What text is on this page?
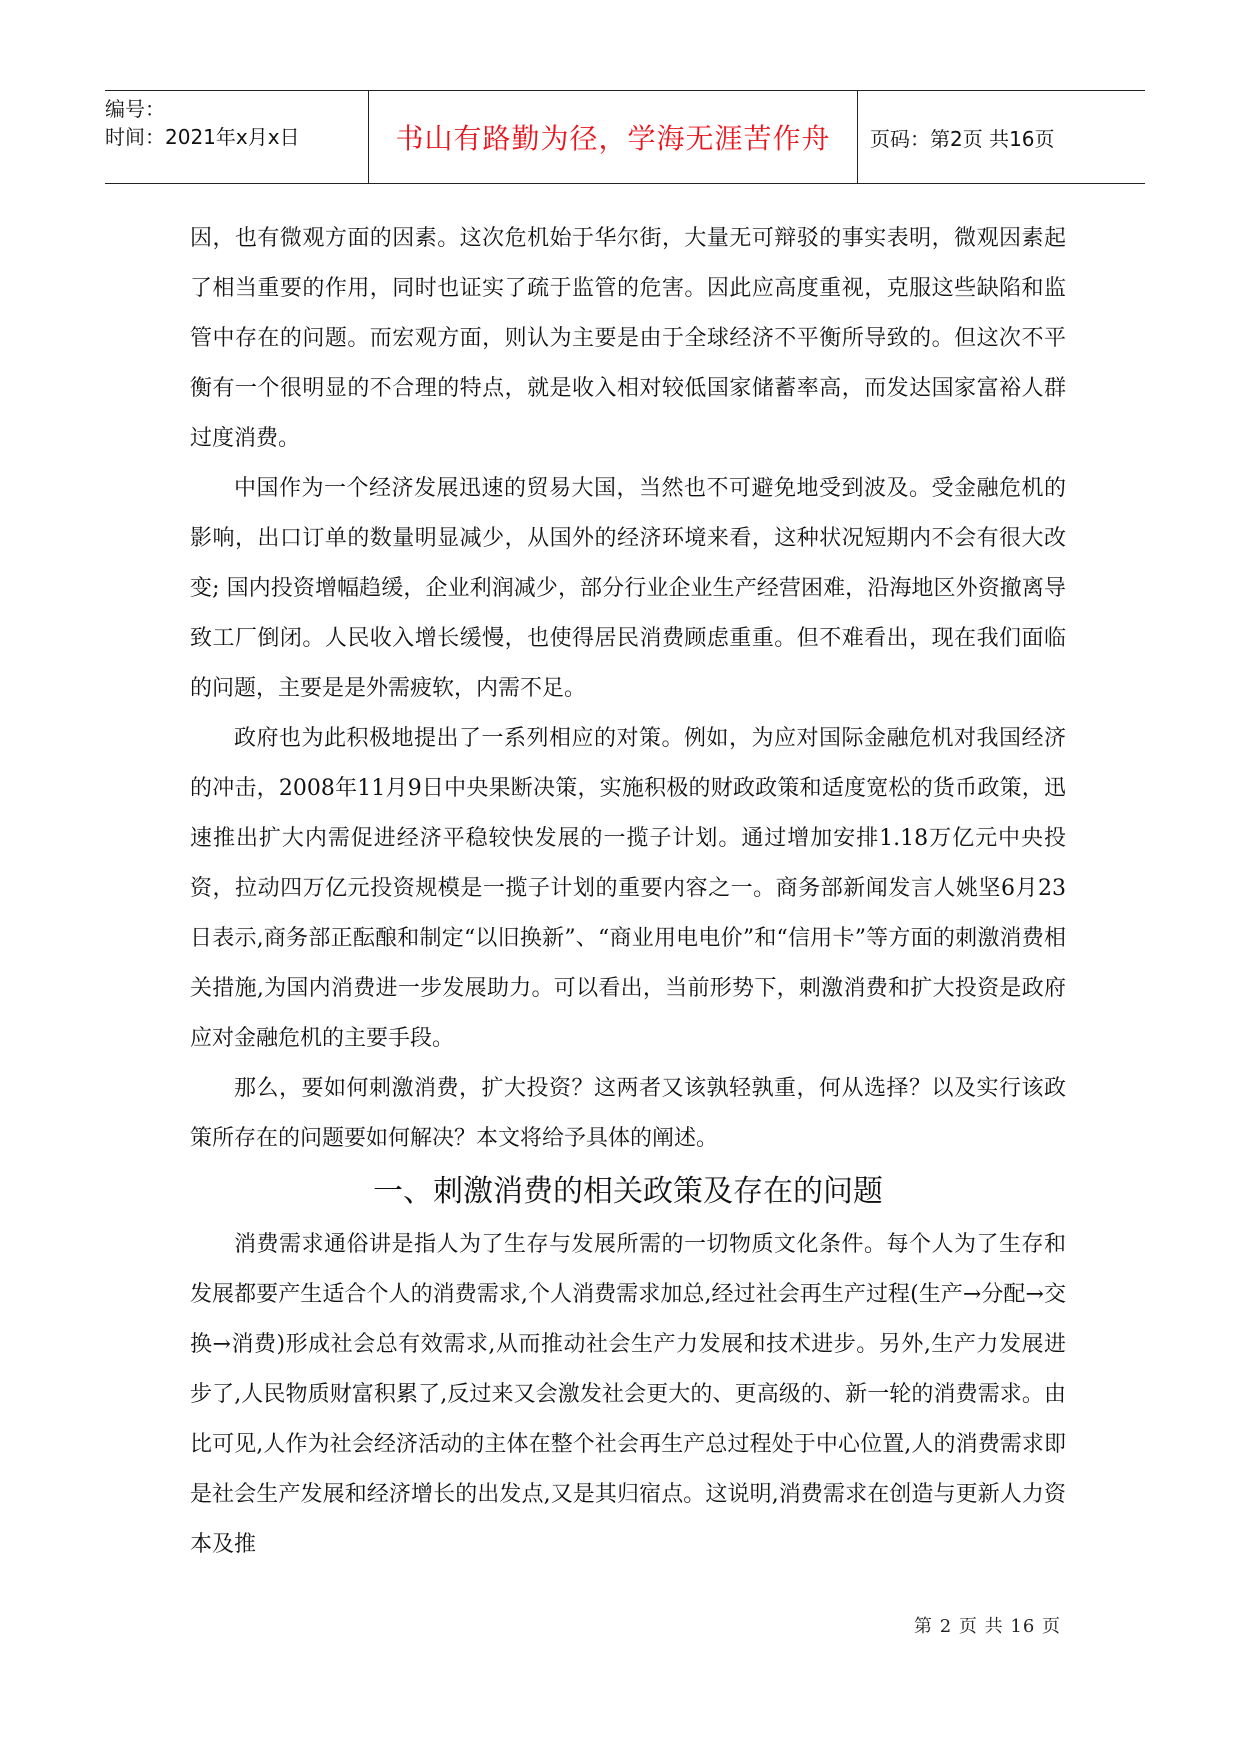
编号：
时间：2021年x月x日	书山有路勤为径，学海无涯苦作舟	页码：第2页 共16页

因，也有微观方面的因素。这次危机始于华尔街，大量无可辩驳的事实表明，微观因素起了相当重要的作用，同时也证实了疏于监管的危害。因此应高度重视，克服这些缺陷和监管中存在的问题。而宏观方面，则认为主要是由于全球经济不平衡所导致的。但这次不平衡有一个很明显的不合理的特点，就是收入相对较低国家储蓄率高，而发达国家富裕人群过度消费。

中国作为一个经济发展迅速的贸易大国，当然也不可避免地受到波及。受金融危机的影响，出口订单的数量明显减少，从国外的经济环境来看，这种状况短期内不会有很大改变; 国内投资增幅趋缓，企业利润减少，部分行业企业生产经营困难，沿海地区外资撤离导致工厂倒闭。人民收入增长缓慢，也使得居民消费顾虑重重。但不难看出，现在我们面临的问题，主要是是外需疲软，内需不足。

政府也为此积极地提出了一系列相应的对策。例如，为应对国际金融危机对我国经济的冲击，2008年11月9日中央果断决策，实施积极的财政政策和适度宽松的货币政策，迅速推出扩大内需促进经济平稳较快发展的一揽子计划。通过增加安排1.18万亿元中央投资，拉动四万亿元投资规模是一揽子计划的重要内容之一。商务部新闻发言人姚坚6月23日表示,商务部正酝酿和制定“以旧换新”、“商业用电电价”和“信用卡”等方面的刺激消费相关措施,为国内消费进一步发展助力。可以看出，当前形势下，刺激消费和扩大投资是政府应对金融危机的主要手段。

那么，要如何刺激消费，扩大投资？这两者又该孰轻孰重，何从选择？以及实行该政策所存在的问题要如何解决？本文将给予具体的阐述。

一、刺激消费的相关政策及存在的问题

消费需求通俗讲是指人为了生存与发展所需的一切物质文化条件。每个人为了生存和发展都要产生适合个人的消费需求,个人消费需求加总,经过社会再生产过程(生产→分配→交换→消费)形成社会总有效需求,从而推动社会生产力发展和技术进步。另外,生产力发展进步了,人民物质财富积累了,反过来又会激发社会更大的、更高级的、新一轮的消费需求。由比可见,人作为社会经济活动的主体在整个社会再生产总过程处于中心位置,人的消费需求即是社会生产发展和经济增长的出发点,又是其归宿点。这说明,消费需求在创造与更新人力资本及推

第 2 页 共 16 页
